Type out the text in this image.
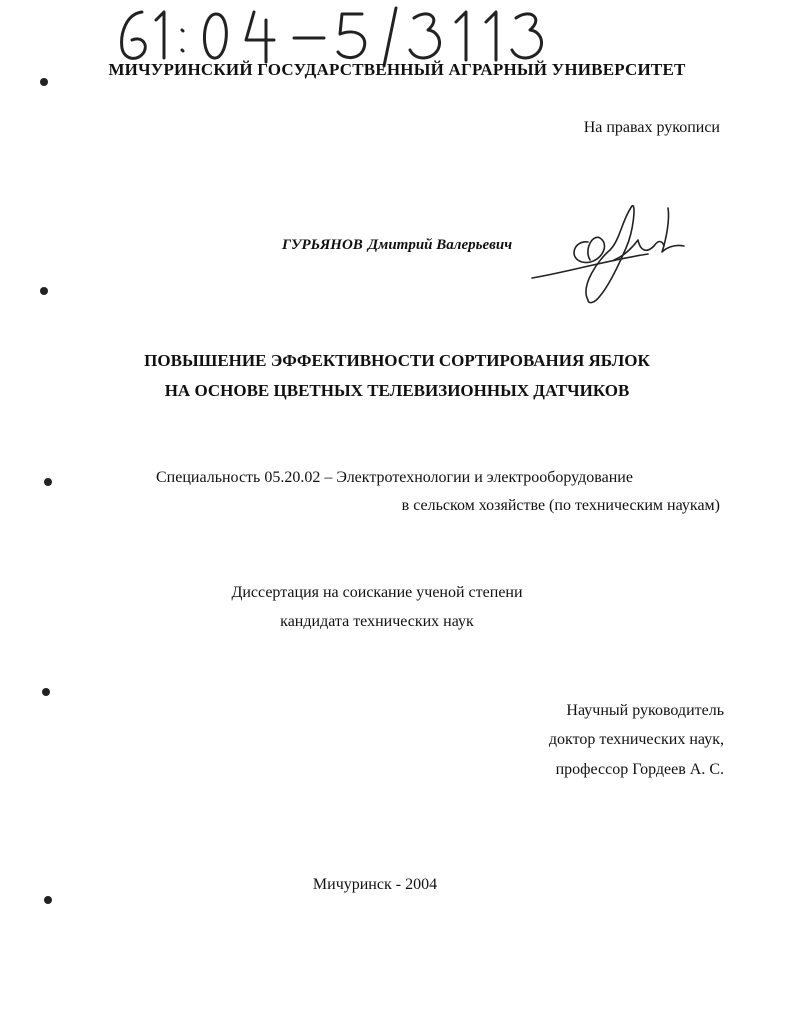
МИЧУРИНСКИЙ ГОСУДАРСТВЕННЫЙ АГРАРНЫЙ УНИВЕРСИТЕТ
На правах рукописи
ГУРЬЯНОВ Дмитрий Валерьевич
ПОВЫШЕНИЕ ЭФФЕКТИВНОСТИ СОРТИРОВАНИЯ ЯБЛОК
НА ОСНОВЕ ЦВЕТНЫХ ТЕЛЕВИЗИОННЫХ ДАТЧИКОВ
Специальность 05.20.02 – Электротехнологии и электрооборудование
в сельском хозяйстве (по техническим наукам)
Диссертация на соискание ученой степени
кандидата технических наук
Научный руководитель
доктор технических наук,
профессор Гордеев А. С.
Мичуринск - 2004
